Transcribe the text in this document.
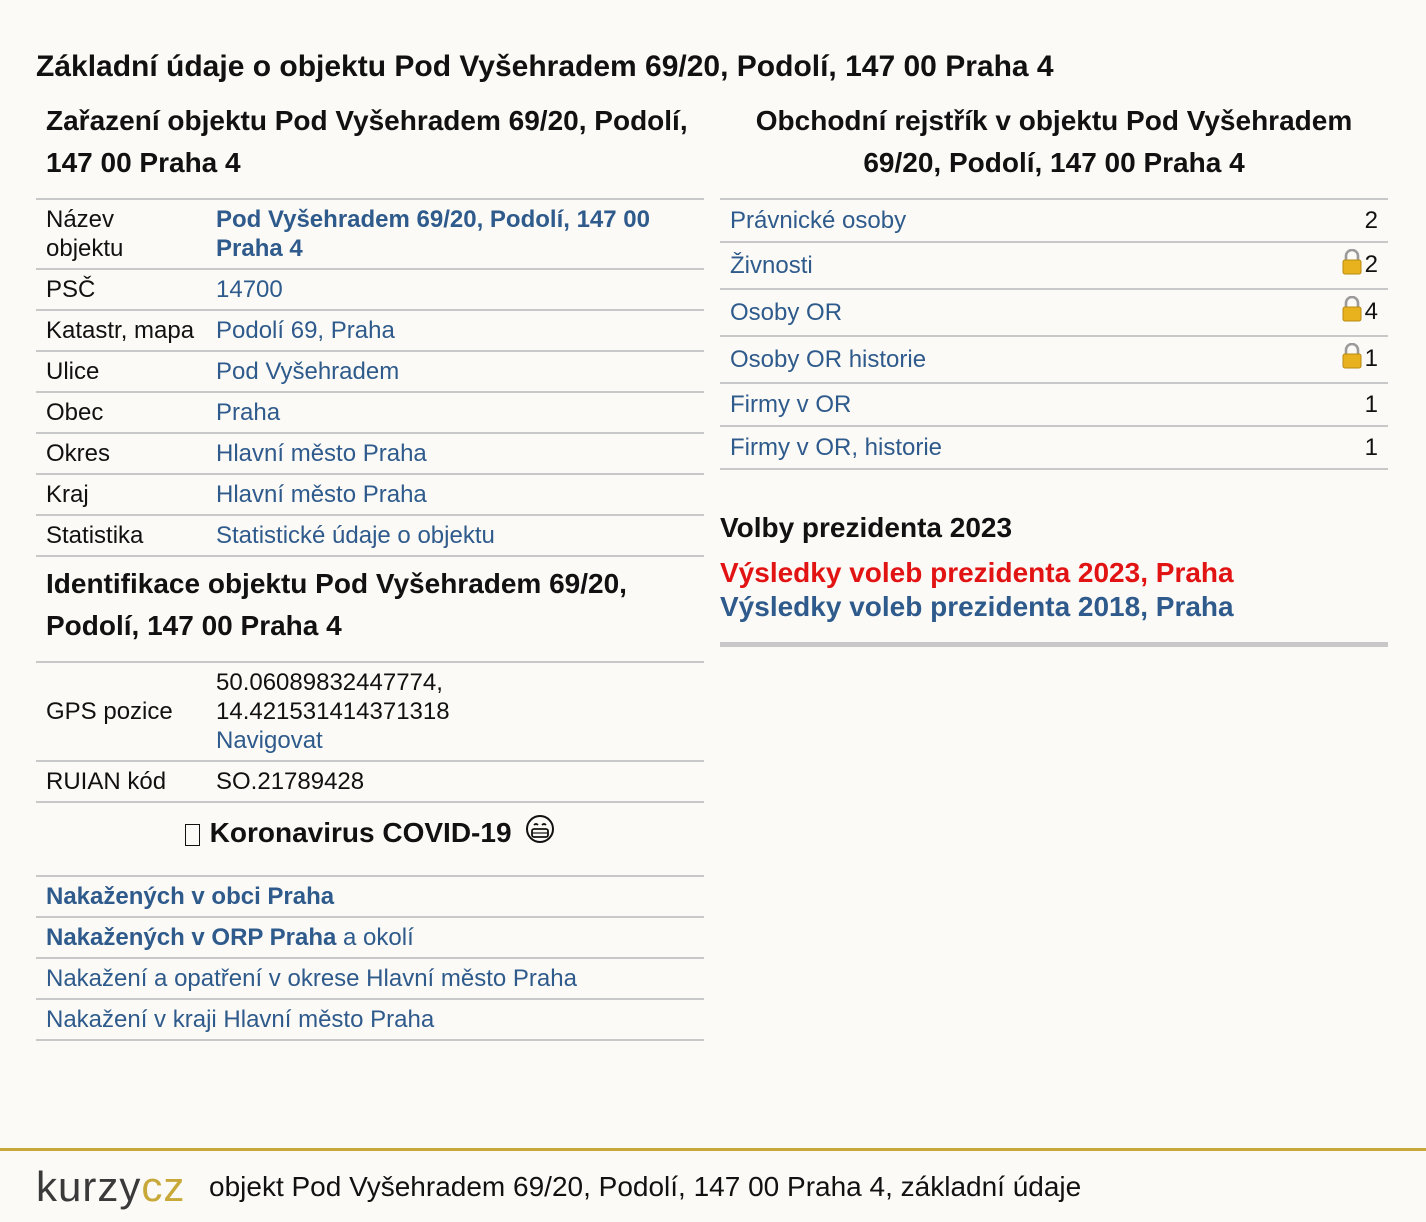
Základní údaje o objektu Pod Vyšehradem 69/20, Podolí, 147 00 Praha 4
Zařazení objektu Pod Vyšehradem 69/20, Podolí, 147 00 Praha 4
Název objektu	Pod Vyšehradem 69/20, Podolí, 147 00 Praha 4
PSČ	14700
Katastr, mapa	Podolí 69, Praha
Ulice	Pod Vyšehradem
Obec	Praha
Okres	Hlavní město Praha
Kraj	Hlavní město Praha
Statistika	Statistické údaje o objektu
Identifikace objektu Pod Vyšehradem 69/20, Podolí, 147 00 Praha 4
GPS pozice	50.06089832447774,
14.421531414371318
Navigovat
RUIAN kód	SO.21789428
Koronavirus COVID-19
Nakažených v obci Praha
Nakažených v ORP Praha a okolí
Nakažení a opatření v okrese Hlavní město Praha
Nakažení v kraji Hlavní město Praha
Obchodní rejstřík v objektu Pod Vyšehradem 69/20, Podolí, 147 00 Praha 4
Právnické osoby	2
Živnosti	2
Osoby OR	4
Osoby OR historie	1
Firmy v OR	1
Firmy v OR, historie	1
Volby prezidenta 2023
Výsledky voleb prezidenta 2023, Praha
Výsledky voleb prezidenta 2018, Praha
kurzycz objekt Pod Vyšehradem 69/20, Podolí, 147 00 Praha 4, základní údaje
